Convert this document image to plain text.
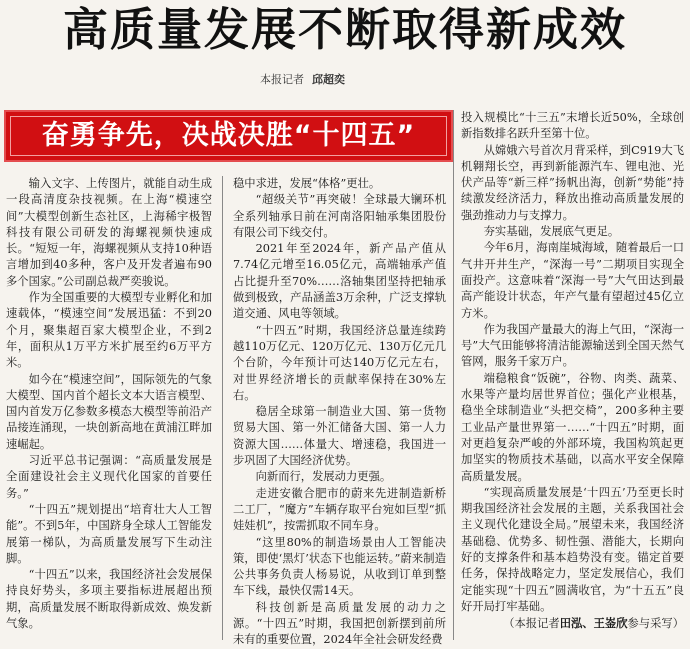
高质量发展不断取得新成效
本报记者 邱超奕
奋勇争先，决战决胜“十四五”

输入文字、上传图片，就能自动生成一段高清度杂技视频。在上海“模速空间”大模型创新生态社区，上海稀宇极智科技有限公司研发的海螺视频快速成长。“短短一年，海螺视频从支持10种语言增加到40多种，客户及开发者遍布90多个国家。”公司副总裁严奕骏说。

作为全国重要的大模型专业孵化和加速载体，“模速空间”发展迅猛：不到20个月，聚集超百家大模型企业，不到2年，面积从1万平方米扩展至约6万平方米。

如今在“模速空间”，国际领先的气象大模型、国内首个超长文本大语言模型、国内首发万亿参数多模态大模型等前沿产品接连涌现，一块创新高地在黄浦江畔加速崛起。

习近平总书记强调：“高质量发展是全面建设社会主义现代化国家的首要任务。”

“十四五”规划提出“培育壮大人工智能”。不到5年，中国跻身全球人工智能发展第一梯队，为高质量发展写下生动注脚。

“十四五”以来，我国经济社会发展保持良好势头，多项主要指标进展超出预期，高质量发展不断取得新成效、焕发新气象。

稳中求进，发展“体格”更壮。

“超级关节”再突破！全球最大镧环机全系列轴承日前在河南洛阳轴承集团股份有限公司下线交付。

2021年至2024年，新产品产值从7.74亿元增至16.05亿元，高端轴承产值占比提升至70%……洛轴集团坚持把轴承做到极致，产品涵盖3万余种，广泛支撑轨道交通、风电等领域。

“十四五”时期，我国经济总量连续跨越110万亿元、120万亿元、130万亿元几个台阶，今年预计可达140万亿元左右，对世界经济增长的贡献率保持在30%左右。

稳居全球第一制造业大国、第一货物贸易大国、第一外汇储备大国、第一人力资源大国……体量大、增速稳，我国进一步巩固了大国经济优势。

向新而行，发展动力更强。

走进安徽合肥市的蔚来先进制造新桥二工厂，“魔方”车辆存取平台宛如巨型“抓娃娃机”，按需抓取不同车身。

“这里80%的制造场景由人工智能决策，即使‘黑灯’状态下也能运转。”蔚来制造公共事务负责人杨易说，从收到订单到整车下线，最快仅需14天。

科技创新是高质量发展的动力之源。“十四五”时期，我国把创新摆到前所未有的重要位置，2024年全社会研发经费

投入规模比“十三五”末增长近50%，全球创新指数排名跃升至第十位。

从嫦娥六号首次月背采样，到C919大飞机翱翔长空，再到新能源汽车、锂电池、光伏产品等“新三样”扬帆出海，创新“势能”持续激发经济活力，释放出推动高质量发展的强劲推动力与支撑力。

夯实基础，发展底气更足。

今年6月，海南崖城海域，随着最后一口气井开井生产，“深海一号”二期项目实现全面投产。这意味着“深海一号”大气田达到最高产能设计状态，年产气量有望超过45亿立方米。

作为我国产量最大的海上气田，“深海一号”大气田能够将清洁能源输送到全国天然气管网，服务千家万户。

端稳粮食“饭碗”，谷物、肉类、蔬菜、水果等产量均居世界首位；强化产业根基，稳坐全球制造业“头把交椅”，200多种主要工业品产量世界第一……“十四五”时期，面对更趋复杂严峻的外部环境，我国构筑起更加坚实的物质技术基础，以高水平安全保障高质量发展。

“实现高质量发展是‘十四五’乃至更长时期我国经济社会发展的主题，关系我国社会主义现代化建设全局。”展望未来，我国经济基础稳、优势多、韧性强、潜能大，长期向好的支撑条件和基本趋势没有变。锚定首要任务，保持战略定力，坚定发展信心，我们定能实现“十四五”圆满收官，为“十五五”良好开局打牢基础。

（本报记者田泓、王崟欣参与采写）
